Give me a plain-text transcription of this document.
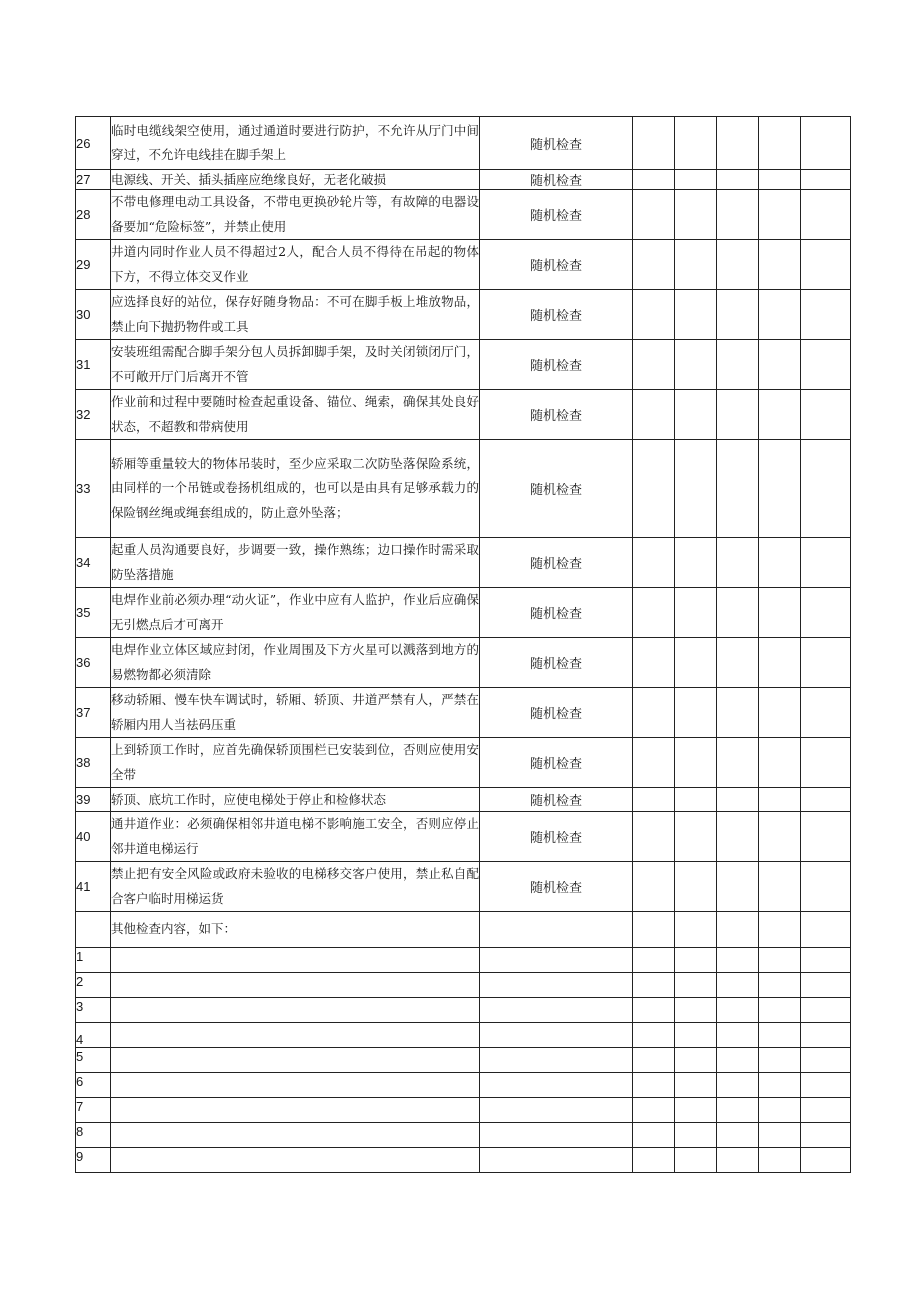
26	临时电缆线架空使用，通过通道时要进行防护，不允许从厅门中间穿过，不允许电线挂在脚手架上	随机检查					
27	电源线、开关、插头插座应绝缘良好，无老化破损	随机检查					
28	不带电修理电动工具设备，不带电更换砂轮片等，有故障的电器设备要加“危险标签”，并禁止使用	随机检查					
29	井道内同时作业人员不得超过2人，配合人员不得待在吊起的物体下方，不得立体交叉作业	随机检查					
30	应选择良好的站位，保存好随身物品：不可在脚手板上堆放物品，禁止向下抛扔物件或工具	随机检查					
31	安装班组需配合脚手架分包人员拆卸脚手架，及时关闭锁闭厅门，不可敞开厅门后离开不管	随机检查					
32	作业前和过程中要随时检查起重设备、锚位、绳索，确保其处良好状态，不超教和带病使用	随机检查					
33	轿厢等重量较大的物体吊装时，至少应采取二次防坠落保险系统，由同样的一个吊链或卷扬机组成的，也可以是由具有足够承载力的保险钢丝绳或绳套组成的，防止意外坠落；	随机检查					
34	起重人员沟通要良好，步调要一致，操作熟练；边口操作时需采取防坠落措施	随机检查					
35	电焊作业前必须办理“动火证”，作业中应有人监护，作业后应确保无引燃点后才可离开	随机检查					
36	电焊作业立体区域应封闭，作业周围及下方火星可以溅落到地方的易燃物都必须清除	随机检查					
37	移动轿厢、慢车快车调试时，轿厢、轿顶、井道严禁有人，严禁在轿厢内用人当祛码压重	随机检查					
38	上到轿顶工作时，应首先确保轿顶围栏已安装到位，否则应使用安全带	随机检查					
39	轿顶、底坑工作时，应使电梯处于停止和检修状态	随机检查					
40	通井道作业：必须确保相邻井道电梯不影响施工安全，否则应停止邻井道电梯运行	随机检查					
41	禁止把有安全风险或政府未验收的电梯移交客户使用，禁止私自配合客户临时用梯运货	随机检查					
	其他检查内容，如下：						
1							
2							
3							
4							
5							
6							
7							
8							
9							
